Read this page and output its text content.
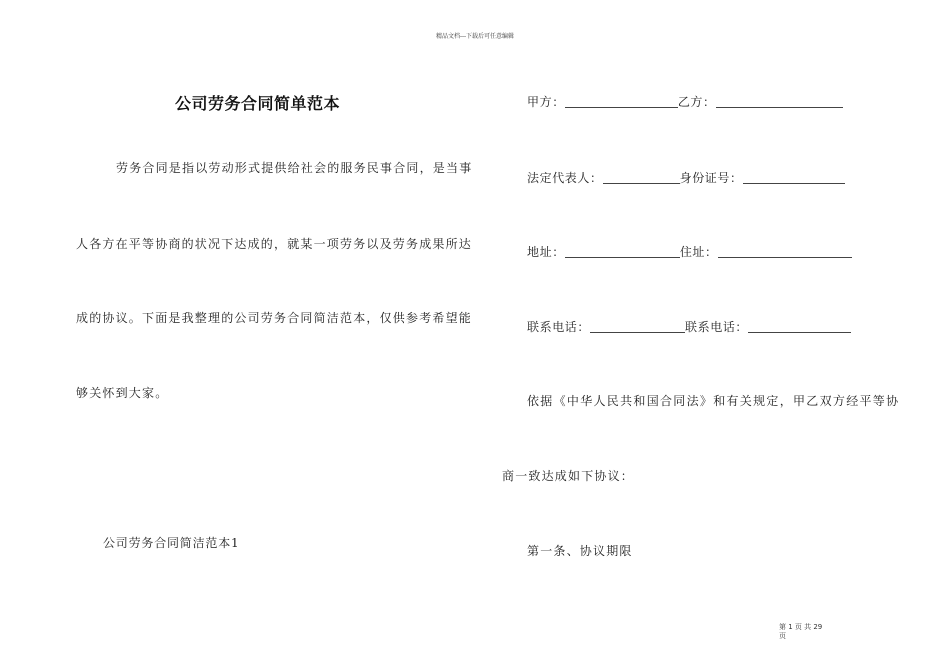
精品文档---下载后可任意编辑
公司劳务合同简单范本
劳务合同是指以劳动形式提供给社会的服务民事合同，是当事
人各方在平等协商的状况下达成的，就某一项劳务以及劳务成果所达
成的协议。下面是我整理的公司劳务合同简洁范本，仅供参考希望能
够关怀到大家。
公司劳务合同简洁范本1
甲方：	乙方：
法定代表人：	身份证号：
地址：	住址：
联系电话：	联系电话：
依据《中华人民共和国合同法》和有关规定，甲乙双方经平等协
商一致达成如下协议：
第一条、协议期限
第 1 页 共 29
页
